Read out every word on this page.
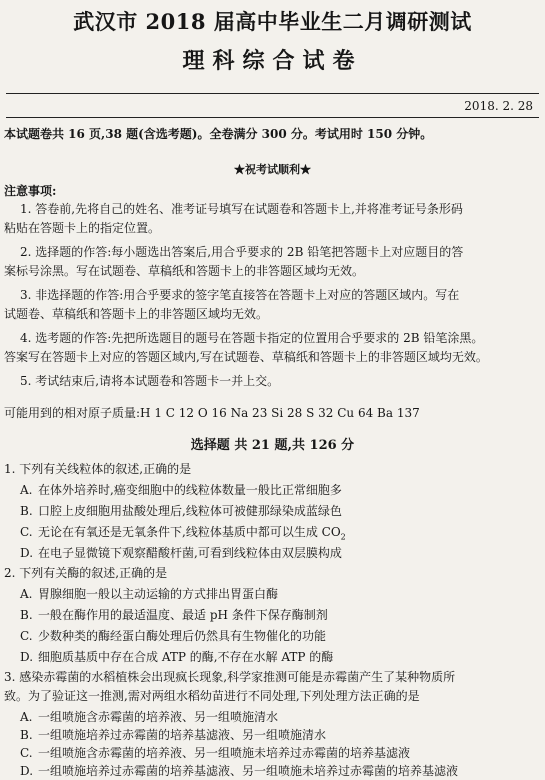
武汉市 2018 届高中毕业生二月调研测试
理科综合试卷
2018. 2. 28
本试题卷共 16 页,38 题(含选考题)。全卷满分 300 分。考试用时 150 分钟。
★祝考试顺利★
注意事项:
1. 答卷前,先将自己的姓名、准考证号填写在试题卷和答题卡上,并将准考证号条形码
粘贴在答题卡上的指定位置。
2. 选择题的作答:每小题选出答案后,用合乎要求的 2B 铅笔把答题卡上对应题目的答
案标号涂黑。写在试题卷、草稿纸和答题卡上的非答题区域均无效。
3. 非选择题的作答:用合乎要求的签字笔直接答在答题卡上对应的答题区域内。写在
试题卷、草稿纸和答题卡上的非答题区域均无效。
4. 选考题的作答:先把所选题目的题号在答题卡指定的位置用合乎要求的 2B 铅笔涂黑。
答案写在答题卡上对应的答题区域内,写在试题卷、草稿纸和答题卡上的非答题区域均无效。
5. 考试结束后,请将本试题卷和答题卡一并上交。
可能用到的相对原子质量:H 1 C 12 O 16 Na 23 Si 28 S 32 Cu 64 Ba 137
选择题 共 21 题,共 126 分
1. 下列有关线粒体的叙述,正确的是
A. 在体外培养时,癌变细胞中的线粒体数量一般比正常细胞多
B. 口腔上皮细胞用盐酸处理后,线粒体可被健那绿染成蓝绿色
C. 无论在有氧还是无氧条件下,线粒体基质中都可以生成 $CO_2$
D. 在电子显微镜下观察醋酸杆菌,可看到线粒体由双层膜构成
2. 下列有关酶的叙述,正确的是
A. 胃腺细胞一般以主动运输的方式排出胃蛋白酶
B. 一般在酶作用的最适温度、最适 pH 条件下保存酶制剂
C. 少数种类的酶经蛋白酶处理后仍然具有生物催化的功能
D. 细胞质基质中存在合成 ATP 的酶,不存在水解 ATP 的酶
3. 感染赤霉菌的水稻植株会出现疯长现象,科学家推测可能是赤霉菌产生了某种物质所
致。为了验证这一推测,需对两组水稻幼苗进行不同处理,下列处理方法正确的是
A. 一组喷施含赤霉菌的培养液、另一组喷施清水
B. 一组喷施培养过赤霉菌的培养基滤液、另一组喷施清水
C. 一组喷施含赤霉菌的培养液、另一组喷施未培养过赤霉菌的培养基滤液
D. 一组喷施培养过赤霉菌的培养基滤液、另一组喷施未培养过赤霉菌的培养基滤液
